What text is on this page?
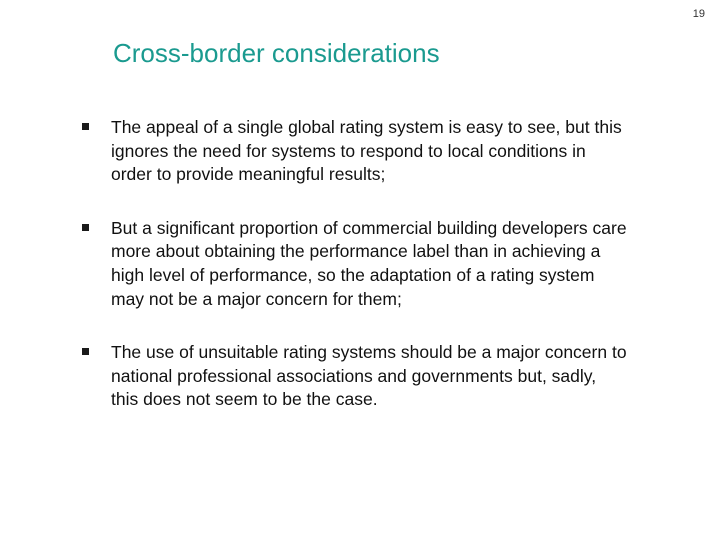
19
Cross-border considerations
The appeal of a single global rating system is easy to see, but this
ignores the need for systems to respond to local conditions in
order to provide meaningful results;
But a significant proportion of commercial building developers care
more about obtaining the performance label than in achieving a
high level of performance, so the adaptation of a rating system
may not be a major concern for them;
The use of unsuitable rating systems should be a major concern to
national professional associations and governments but, sadly,
this does not seem to be the case.
